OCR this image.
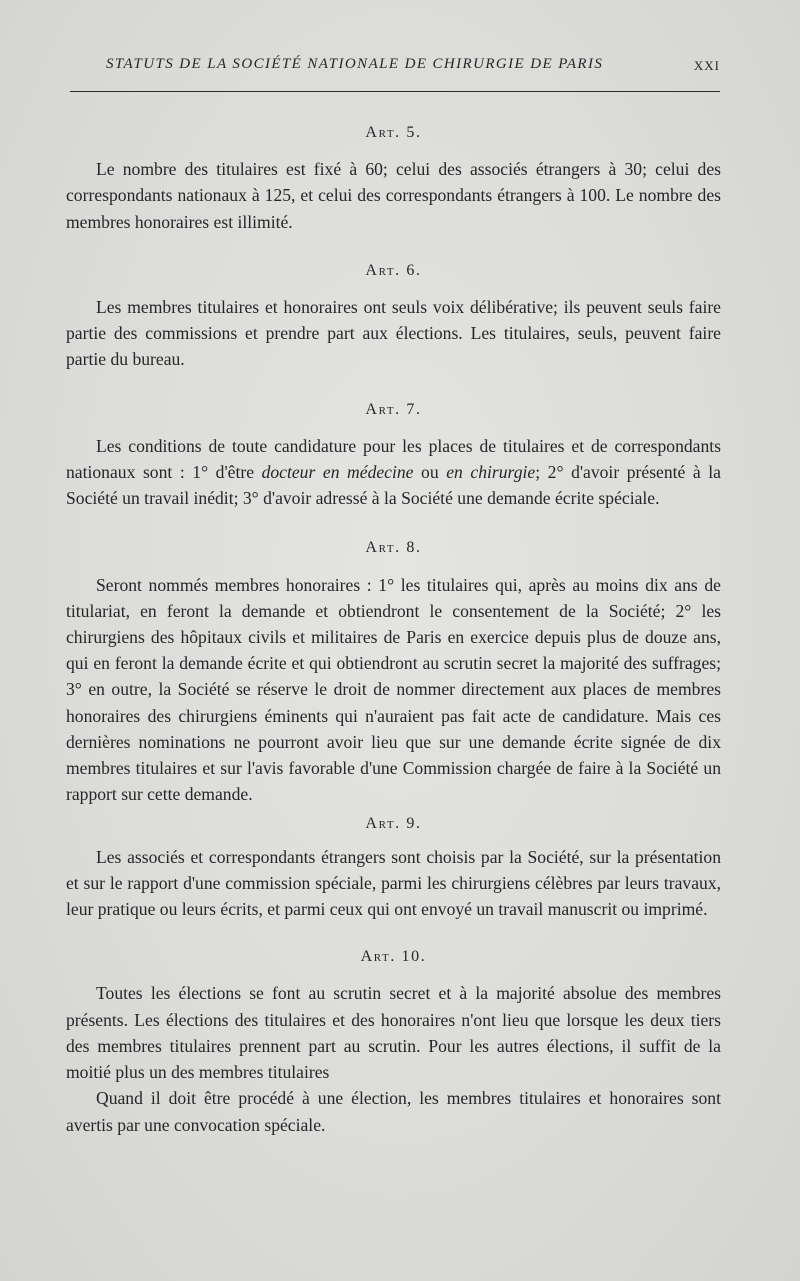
STATUTS DE LA SOCIÉTÉ NATIONALE DE CHIRURGIE DE PARIS	XXI

Art. 5.

Le nombre des titulaires est fixé à 60; celui des associés étrangers à 30; celui des correspondants nationaux à 125, et celui des correspondants étrangers à 100. Le nombre des membres honoraires est illimité.

Art. 6.

Les membres titulaires et honoraires ont seuls voix délibérative; ils peuvent seuls faire partie des commissions et prendre part aux élections. Les titulaires, seuls, peuvent faire partie du bureau.

Art. 7.

Les conditions de toute candidature pour les places de titulaires et de correspondants nationaux sont : 1° d'être docteur en médecine ou en chirurgie; 2° d'avoir présenté à la Société un travail inédit; 3° d'avoir adressé à la Société une demande écrite spéciale.

Art. 8.

Seront nommés membres honoraires : 1° les titulaires qui, après au moins dix ans de titulariat, en feront la demande et obtiendront le consentement de la Société; 2° les chirurgiens des hôpitaux civils et militaires de Paris en exercice depuis plus de douze ans, qui en feront la demande écrite et qui obtiendront au scrutin secret la majorité des suffrages; 3° en outre, la Société se réserve le droit de nommer directement aux places de membres honoraires des chirurgiens éminents qui n'auraient pas fait acte de candidature. Mais ces dernières nominations ne pourront avoir lieu que sur une demande écrite signée de dix membres titulaires et sur l'avis favorable d'une Commission chargée de faire à la Société un rapport sur cette demande.

Art. 9.

Les associés et correspondants étrangers sont choisis par la Société, sur la présentation et sur le rapport d'une commission spéciale, parmi les chirurgiens célèbres par leurs travaux, leur pratique ou leurs écrits, et parmi ceux qui ont envoyé un travail manuscrit ou imprimé.

Art. 10.

Toutes les élections se font au scrutin secret et à la majorité absolue des membres présents. Les élections des titulaires et des honoraires n'ont lieu que lorsque les deux tiers des membres titulaires prennent part au scrutin. Pour les autres élections, il suffit de la moitié plus un des membres titulaires

Quand il doit être procédé à une élection, les membres titulaires et honoraires sont avertis par une convocation spéciale.
